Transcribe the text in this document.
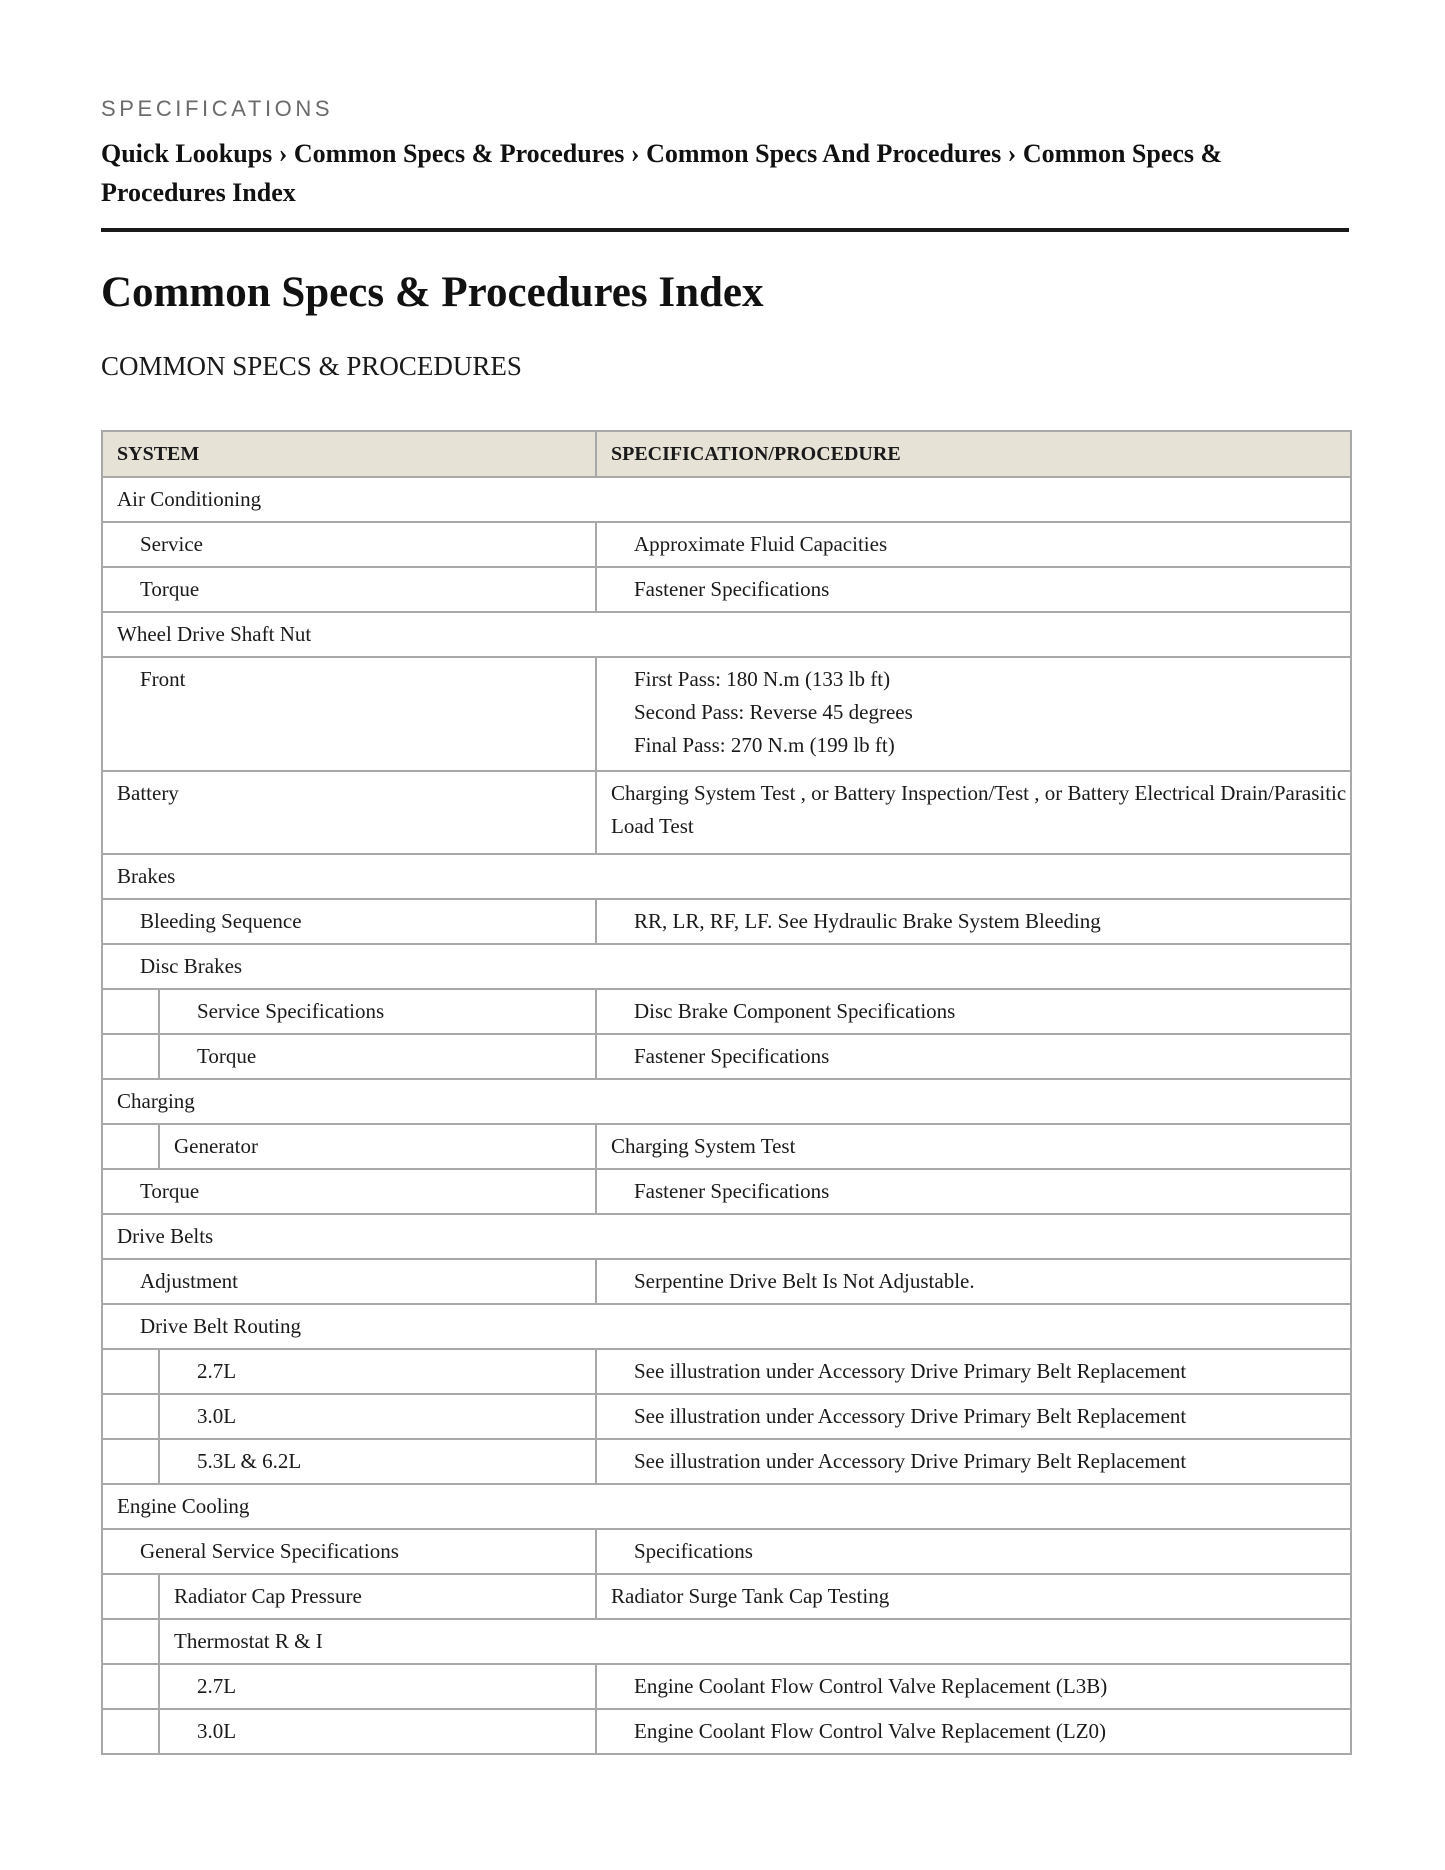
SPECIFICATIONS
Quick Lookups › Common Specs & Procedures › Common Specs And Procedures › Common Specs & Procedures Index
Common Specs & Procedures Index
COMMON SPECS & PROCEDURES
SYSTEM		SPECIFICATION/PROCEDURE
Air Conditioning		
Service		Approximate Fluid Capacities
Torque		Fastener Specifications
Wheel Drive Shaft Nut		
Front		First Pass: 180 N.m (133 lb ft)
Second Pass: Reverse 45 degrees
Final Pass: 270 N.m (199 lb ft)

Battery		Charging System Test , or Battery Inspection/Test , or Battery Electrical Drain/Parasitic Load Test
Brakes		
Bleeding Sequence		RR, LR, RF, LF. See Hydraulic Brake System Bleeding
Disc Brakes		
	Service Specifications	Disc Brake Component Specifications
	Torque	Fastener Specifications
Charging		
	Generator	Charging System Test
Torque		Fastener Specifications
Drive Belts		
Adjustment		Serpentine Drive Belt Is Not Adjustable.
Drive Belt Routing		
	2.7L	See illustration under Accessory Drive Primary Belt Replacement
	3.0L	See illustration under Accessory Drive Primary Belt Replacement
	5.3L & 6.2L	See illustration under Accessory Drive Primary Belt Replacement
Engine Cooling		
General Service Specifications		Specifications
	Radiator Cap Pressure	Radiator Surge Tank Cap Testing
	Thermostat R & I	
	2.7L	Engine Coolant Flow Control Valve Replacement (L3B)
	3.0L	Engine Coolant Flow Control Valve Replacement (LZ0)
